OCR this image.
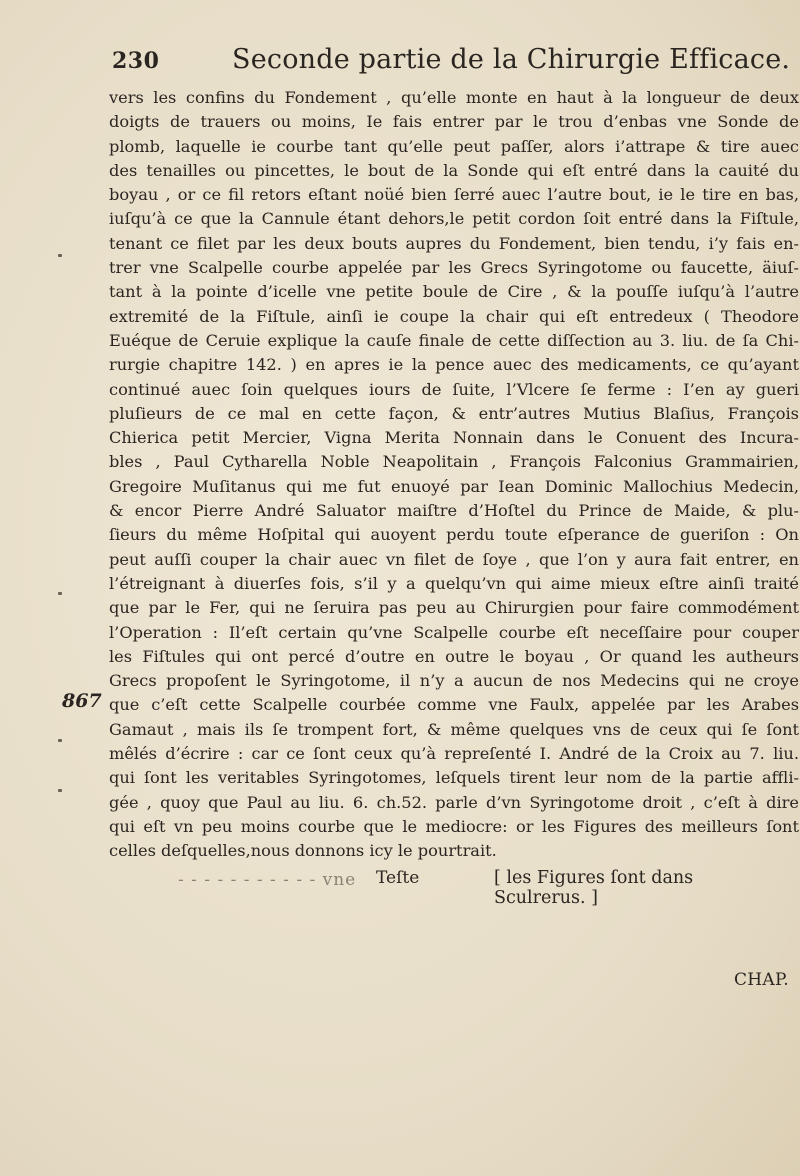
230	Seconde partie de la Chirurgie Efficace.
vers les confins du Fondement , qu’elle monte en haut à la longueur de deux
doigts de trauers ou moins, Ie fais entrer par le trou d’enbas vne Sonde de
plomb, laquelle ie courbe tant qu’elle peut paſſer, alors i’attrape & tire auec
des tenailles ou pincettes, le bout de la Sonde qui eſt entré dans la cauité du
boyau , or ce fil retors eſtant noüé bien ſerré auec l’autre bout, ie le tire en bas,
iuſqu’à ce que la Cannule étant dehors,le petit cordon ſoit entré dans la Fiſtule,
tenant ce filet par les deux bouts aupres du Fondement, bien tendu, i’y fais en-
trer vne Scalpelle courbe appelée par les Grecs Syringotome ou faucette, äiuſ-
tant à la pointe d’icelle vne petite boule de Cire , & la pouſſe iuſqu’à l’autre
extremité de la Fiſtule, ainſi ie coupe la chair qui eſt entredeux ( Theodore
Euéque de Ceruie explique la cauſe finale de cette diſſection au 3. liu. de ſa Chi-
rurgie chapitre 142. ) en apres ie la pence auec des medicaments, ce qu’ayant
continué auec ſoin quelques iours de ſuite, l’Vlcere ſe ferme : I’en ay gueri
pluſieurs de ce mal en cette façon, & entr’autres Mutius Blaſius, François
Chierica petit Mercier, Vigna Merita Nonnain dans le Conuent des Incura-
bles , Paul Cytharella Noble Neapolitain , François Falconius Grammairien,
Gregoire Muſitanus qui me fut enuoyé par Iean Dominic Mallochius Medecin,
& encor Pierre André Saluator maiſtre d’Hoſtel du Prince de Maide, & plu-
ſieurs du même Hoſpital qui auoyent perdu toute eſperance de gueriſon : On
peut auſſi couper la chair auec vn filet de ſoye , que l’on y aura fait entrer, en
l’étreignant à diuerſes fois, s’il y a quelqu’vn qui aime mieux eſtre ainſi traité
que par le Fer, qui ne ſeruira pas peu au Chirurgien pour faire commodément
l’Operation : Il’eſt certain qu’vne Scalpelle courbe eſt neceſſaire pour couper
les Fiſtules qui ont percé d’outre en outre le boyau , Or quand les autheurs
Grecs propoſent le Syringotome, il n’y a aucun de nos Medecins qui ne croye
que c’eſt cette Scalpelle courbée comme vne Faulx, appelée par les Arabes
Gamaut , mais ils ſe trompent fort, & même quelques vns de ceux qui ſe ſont
mêlés d’écrire : car ce ſont ceux qu’à repreſenté I. André de la Croix au 7. liu.
qui ſont les veritables Syringotomes, leſquels tirent leur nom de la partie affli-
gée , quoy que Paul au liu. 6. ch.52. parle d’vn Syringotome droit , c’eſt à dire
qui eſt vn peu moins courbe que le mediocre: or les Figures des meilleurs ſont
celles deſquelles,nous donnons icy le pourtrait.
867
- - - - - - - - - - - vne Teſte	[ les Figures ſont dans Sculrerus. ]
CHAP.
